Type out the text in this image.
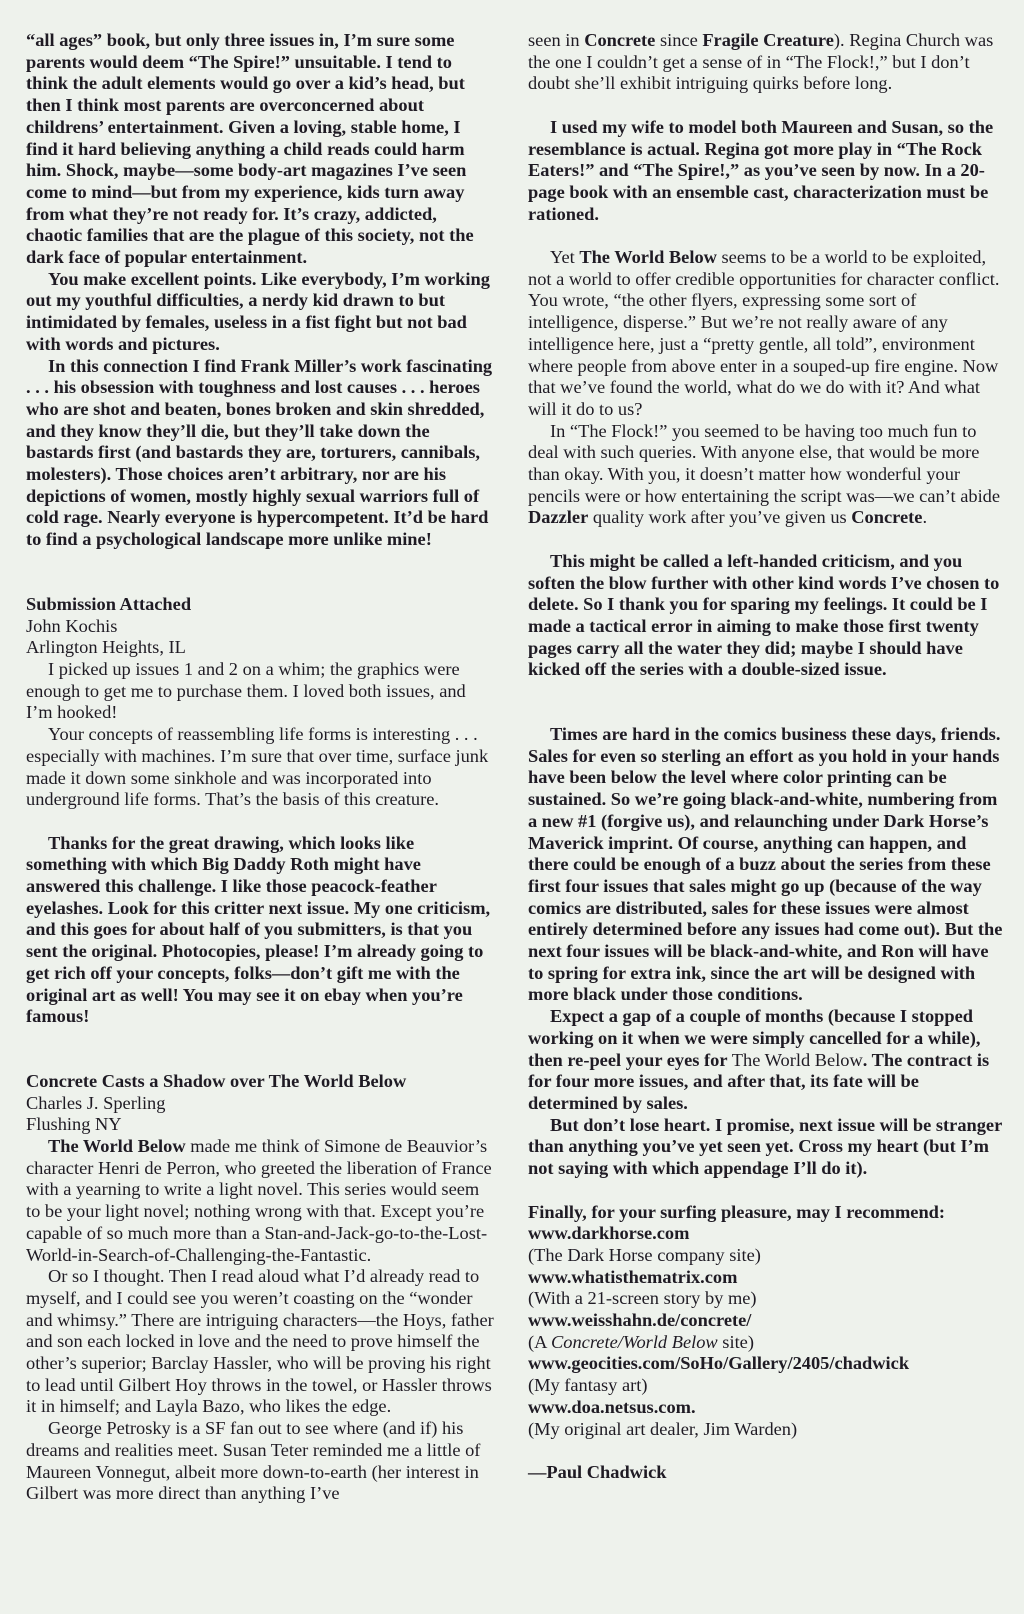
“all ages” book, but only three issues in, I’m sure some parents would deem “The Spire!” unsuitable. I tend to think the adult elements would go over a kid’s head, but then I think most parents are overconcerned about childrens’ entertainment. Given a loving, stable home, I find it hard believing anything a child reads could harm him. Shock, maybe—some body-art magazines I’ve seen come to mind—but from my experience, kids turn away from what they’re not ready for. It’s crazy, addicted, chaotic families that are the plague of this society, not the dark face of popular entertainment.

You make excellent points. Like everybody, I’m working out my youthful difficulties, a nerdy kid drawn to but intimidated by females, useless in a fist fight but not bad with words and pictures.

In this connection I find Frank Miller’s work fascinating . . . his obsession with toughness and lost causes . . . heroes who are shot and beaten, bones broken and skin shredded, and they know they’ll die, but they’ll take down the bastards first (and bastards they are, torturers, cannibals, molesters). Those choices aren’t arbitrary, nor are his depictions of women, mostly highly sexual warriors full of cold rage. Nearly everyone is hypercompetent. It’d be hard to find a psychological landscape more unlike mine!

Submission Attached

John Kochis

Arlington Heights, IL

I picked up issues 1 and 2 on a whim; the graphics were enough to get me to purchase them. I loved both issues, and I’m hooked!

Your concepts of reassembling life forms is interesting . . . especially with machines. I’m sure that over time, surface junk made it down some sinkhole and was incorporated into underground life forms. That’s the basis of this creature.

Thanks for the great drawing, which looks like something with which Big Daddy Roth might have answered this challenge. I like those peacock-feather eyelashes. Look for this critter next issue. My one criticism, and this goes for about half of you submitters, is that you sent the original. Photocopies, please! I’m already going to get rich off your concepts, folks—don’t gift me with the original art as well! You may see it on ebay when you’re famous!

Concrete Casts a Shadow over The World Below

Charles J. Sperling

Flushing NY

The World Below made me think of Simone de Beauvior’s character Henri de Perron, who greeted the liberation of France with a yearning to write a light novel. This series would seem to be your light novel; nothing wrong with that. Except you’re capable of so much more than a Stan-and-Jack-go-to-the-Lost-World-in-Search-of-Challenging-the-Fantastic.

Or so I thought. Then I read aloud what I’d already read to myself, and I could see you weren’t coasting on the “wonder and whimsy.” There are intriguing characters—the Hoys, father and son each locked in love and the need to prove himself the other’s superior; Barclay Hassler, who will be proving his right to lead until Gilbert Hoy throws in the towel, or Hassler throws it in himself; and Layla Bazo, who likes the edge.

George Petrosky is a SF fan out to see where (and if) his dreams and realities meet. Susan Teter reminded me a little of Maureen Vonnegut, albeit more down-to-earth (her interest in Gilbert was more direct than anything I’ve

seen in Concrete since Fragile Creature). Regina Church was the one I couldn’t get a sense of in “The Flock!,” but I don’t doubt she’ll exhibit intriguing quirks before long.

I used my wife to model both Maureen and Susan, so the resemblance is actual. Regina got more play in “The Rock Eaters!” and “The Spire!,” as you’ve seen by now. In a 20-page book with an ensemble cast, characterization must be rationed.

Yet The World Below seems to be a world to be exploited, not a world to offer credible opportunities for character conflict. You wrote, “the other flyers, expressing some sort of intelligence, disperse.” But we’re not really aware of any intelligence here, just a “pretty gentle, all told”, environment where people from above enter in a souped-up fire engine. Now that we’ve found the world, what do we do with it? And what will it do to us?

In “The Flock!” you seemed to be having too much fun to deal with such queries. With anyone else, that would be more than okay. With you, it doesn’t matter how wonderful your pencils were or how entertaining the script was—we can’t abide Dazzler quality work after you’ve given us Concrete.

This might be called a left-handed criticism, and you soften the blow further with other kind words I’ve chosen to delete. So I thank you for sparing my feelings. It could be I made a tactical error in aiming to make those first twenty pages carry all the water they did; maybe I should have kicked off the series with a double-sized issue.

Times are hard in the comics business these days, friends. Sales for even so sterling an effort as you hold in your hands have been below the level where color printing can be sustained. So we’re going black-and-white, numbering from a new #1 (forgive us), and relaunching under Dark Horse’s Maverick imprint. Of course, anything can happen, and there could be enough of a buzz about the series from these first four issues that sales might go up (because of the way comics are distributed, sales for these issues were almost entirely determined before any issues had come out). But the next four issues will be black-and-white, and Ron will have to spring for extra ink, since the art will be designed with more black under those conditions.

Expect a gap of a couple of months (because I stopped working on it when we were simply cancelled for a while), then re-peel your eyes for The World Below. The contract is for four more issues, and after that, its fate will be determined by sales.

But don’t lose heart. I promise, next issue will be stranger than anything you’ve yet seen yet. Cross my heart (but I’m not saying with which appendage I’ll do it).

Finally, for your surfing pleasure, may I recommend:

www.darkhorse.com

(The Dark Horse company site)

www.whatisthematrix.com

(With a 21-screen story by me)

www.weisshahn.de/concrete/

(A Concrete/World Below site)

www.geocities.com/SoHo/Gallery/2405/chadwick

(My fantasy art)

www.doa.netsus.com.

(My original art dealer, Jim Warden)

—Paul Chadwick
